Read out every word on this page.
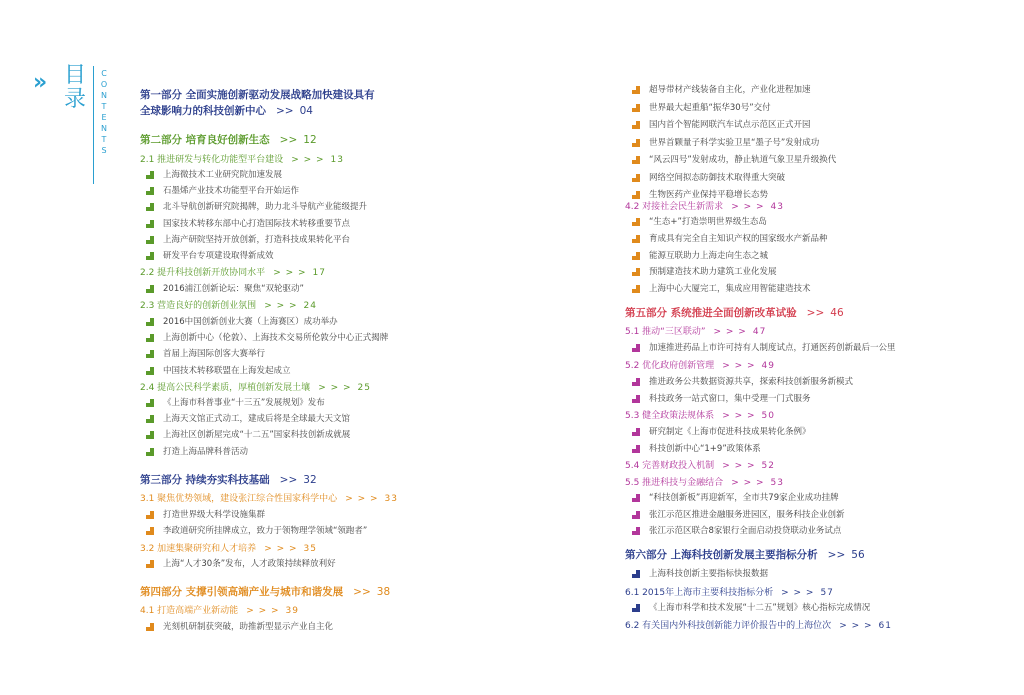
» 目录
C
O
N
T
E
N
T
S
第一部分 全面实施创新驱动发展战略加快建设具有
全球影响力的科技创新中心 >> 04
第二部分 培育良好创新生态 >> 12
2.1 推进研发与转化功能型平台建设 > > > 13
上海微技术工业研究院加速发展
石墨烯产业技术功能型平台开始运作
北斗导航创新研究院揭牌，助力北斗导航产业能级提升
国家技术转移东部中心打造国际技术转移重要节点
上海产研院坚持开放创新，打造科技成果转化平台
研发平台专项建设取得新成效
2.2 提升科技创新开放协同水平 > > > 17
2016浦江创新论坛：聚焦“双轮驱动”
2.3 营造良好的创新创业氛围 > > > 24
2016中国创新创业大赛（上海赛区）成功举办
上海创新中心（伦敦）、上海技术交易所伦敦分中心正式揭牌
首届上海国际创客大赛举行
中国技术转移联盟在上海发起成立
2.4 提高公民科学素质，厚植创新发展土壤 > > > 25
《上海市科普事业“十三五”发展规划》发布
上海天文馆正式动工，建成后将是全球最大天文馆
上海社区创新屋完成“十二五”国家科技创新成就展
打造上海品牌科普活动
第三部分 持续夯实科技基础 >> 32
3.1 聚焦优势领域，建设张江综合性国家科学中心 > > > 33
打造世界级大科学设施集群
李政道研究所挂牌成立，致力于领物理学领域“领跑者”
3.2 加速集聚研究和人才培养 > > > 35
上海“人才30条”发布，人才政策持续释放利好
第四部分 支撑引领高端产业与城市和谐发展 >> 38
4.1 打造高端产业新动能 > > > 39
光刻机研制获突破，助推新型显示产业自主化
超导带材产线装备自主化，产业化进程加速
世界最大起重船“振华30号”交付
国内首个智能网联汽车试点示范区正式开园
世界首颗量子科学实验卫星“墨子号”发射成功
“风云四号”发射成功，静止轨道气象卫星升级换代
网络空间拟态防御技术取得重大突破
生物医药产业保持平稳增长态势
4.2 对接社会民生新需求 > > > 43
“生态+”打造崇明世界级生态岛
育成具有完全自主知识产权的国家级水产新品种
能源互联助力上海走向生态之城
预制建造技术助力建筑工业化发展
上海中心大厦完工，集成应用智能建造技术
第五部分 系统推进全面创新改革试验 >> 46
5.1 推动“三区联动” > > > 47
加速推进药品上市许可持有人制度试点，打通医药创新最后一公里
5.2 优化政府创新管理 > > > 49
推进政务公共数据资源共享，探索科技创新服务新模式
科技政务一站式窗口，集中受理一门式服务
5.3 健全政策法规体系 > > > 50
研究制定《上海市促进科技成果转化条例》
科技创新中心“1+9”政策体系
5.4 完善财政投入机制 > > > 52
5.5 推进科技与金融结合 > > > 53
“科技创新板”再迎新军，全市共79家企业成功挂牌
张江示范区推进金融服务进园区，服务科技企业创新
张江示范区联合8家银行全面启动投贷联动业务试点
第六部分 上海科技创新发展主要指标分析 >> 56
上海科技创新主要指标快报数据
6.1 2015年上海市主要科技指标分析 > > > 57
《上海市科学和技术发展“十二五”规划》核心指标完成情况
6.2 有关国内外科技创新能力评价报告中的上海位次 > > > 61
